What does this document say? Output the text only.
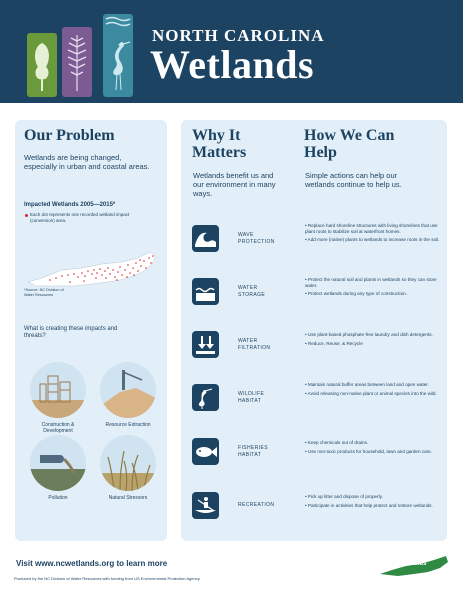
NORTH CAROLINA
Wetlands
Our Problem
Wetlands are being changed, especially in urban and coastal areas.
Impacted Wetlands 2005—2015*
Each dot represents one recorded wetland impact (conversion) area.
*Source: NC Division of Water Resources
What is creating these impacts and threats?
Construction & Development
Resource Extraction
Pollution	Natural Stressors
Why It Matters
Wetlands benefit us and our environment in many ways.
How We Can Help
Simple actions can help our wetlands continue to help us.
WAVE
PROTECTION
• Replace hard shoreline structures with living shorelines that use plant roots to stabilize soil at waterfront homes.
• Add more (native) plants to wetlands to increase roots in the soil.
WATER
STORAGE
• Protect the natural soil and plants in wetlands so they can store water.
• Protect wetlands during any type of construction.
WATER
FILTRATION
• Use plant-based phosphate-free laundry and dish detergents.
• Reduce, Reuse, & Recycle
WILDLIFE
HABITAT
• Maintain natural buffer areas between land and open water.
• Avoid releasing non-native plant or animal species into the wild.
FISHERIES
HABITAT
• Keep chemicals out of drains.
• Use non-toxic products for household, lawn and garden care.
RECREATION
• Pick up litter and dispose of properly.
• Participate in activities that help protect and restore wetlands.
Visit www.ncwetlands.org to learn more
Produced by the NC Division of Water Resources with funding from US Environmental Protection Agency.
NC
Wetlands
